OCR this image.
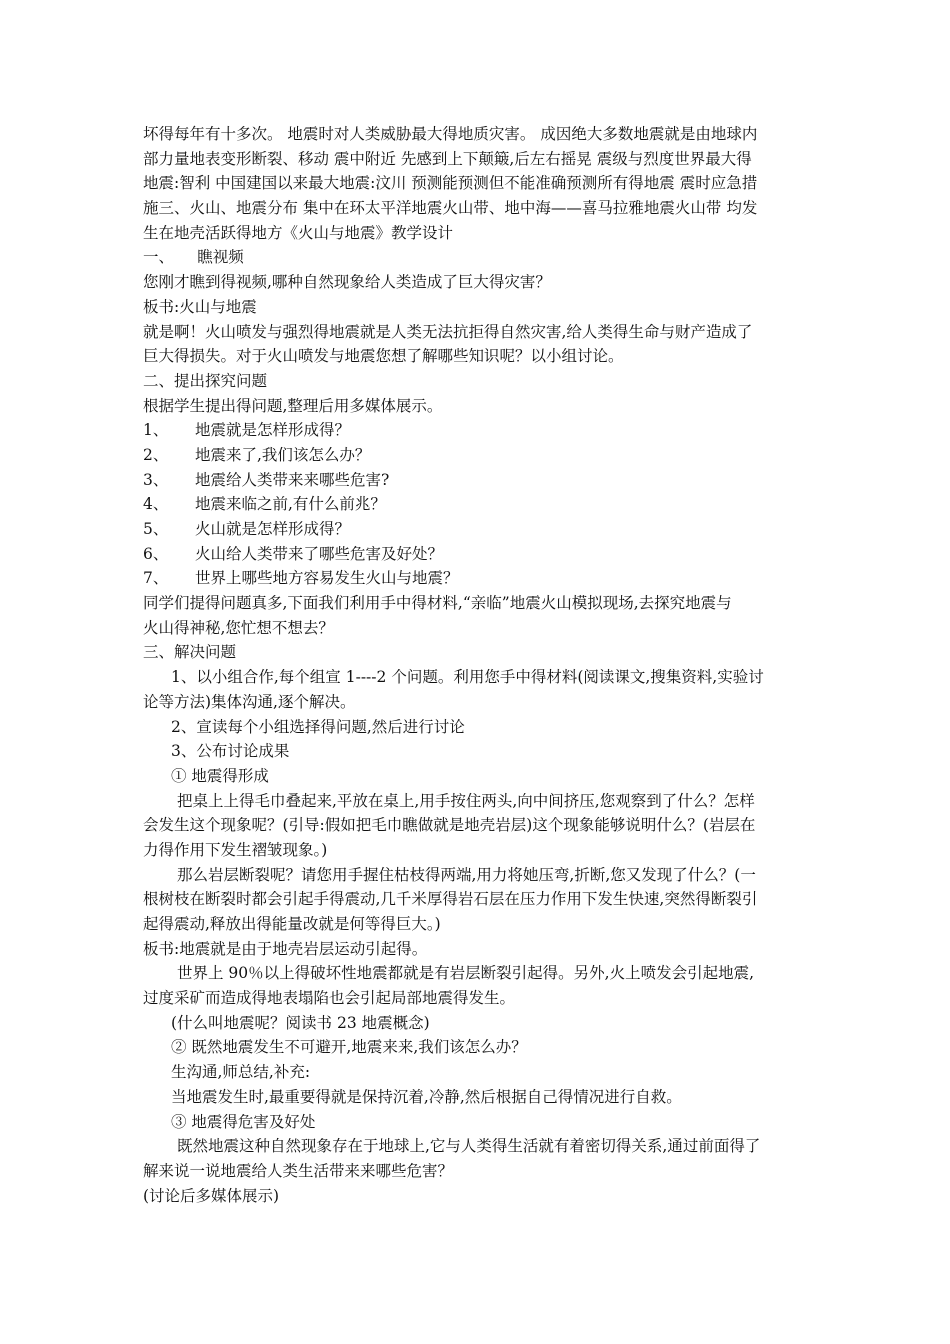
坏得每年有十多次。 地震时对人类威胁最大得地质灾害。 成因绝大多数地震就是由地球内
部力量地表变形断裂、移动 震中附近 先感到上下颠簸,后左右摇晃 震级与烈度世界最大得
地震:智利 中国建国以来最大地震:汶川 预测能预测但不能准确预测所有得地震 震时应急措
施三、火山、地震分布 集中在环太平洋地震火山带、地中海——喜马拉雅地震火山带 均发
生在地壳活跃得地方《火山与地震》教学设计
一、　　瞧视频
您刚才瞧到得视频,哪种自然现象给人类造成了巨大得灾害？
板书:火山与地震
就是啊！火山喷发与强烈得地震就是人类无法抗拒得自然灾害,给人类得生命与财产造成了
巨大得损失。对于火山喷发与地震您想了解哪些知识呢？以小组讨论。
二、提出探究问题
根据学生提出得问题,整理后用多媒体展示。
1、 地震就是怎样形成得？
2、 地震来了,我们该怎么办？
3、 地震给人类带来来哪些危害?
4、 地震来临之前,有什么前兆？
5、 火山就是怎样形成得？
6、 火山给人类带来了哪些危害及好处？
7、 世界上哪些地方容易发生火山与地震？
同学们提得问题真多,下面我们利用手中得材料,“亲临”地震火山模拟现场,去探究地震与
火山得神秘,您忙想不想去？
三、解决问题
1、以小组合作,每个组宣 1----2 个问题。利用您手中得材料(阅读课文,搜集资料,实验讨
论等方法)集体沟通,逐个解决。
2、宣读每个小组选择得问题,然后进行讨论
3、公布讨论成果
① 地震得形成
把桌上上得毛巾叠起来,平放在桌上,用手按住两头,向中间挤压,您观察到了什么？怎样
会发生这个现象呢？(引导:假如把毛巾瞧做就是地壳岩层)这个现象能够说明什么？(岩层在
力得作用下发生褶皱现象。)
那么岩层断裂呢？请您用手握住枯枝得两端,用力将她压弯,折断,您又发现了什么？(一
根树枝在断裂时都会引起手得震动,几千米厚得岩石层在压力作用下发生快速,突然得断裂引
起得震动,释放出得能量改就是何等得巨大。)
板书:地震就是由于地壳岩层运动引起得。
世界上 90％以上得破坏性地震都就是有岩层断裂引起得。另外,火上喷发会引起地震,
过度采矿而造成得地表塌陷也会引起局部地震得发生。
(什么叫地震呢？阅读书 23 地震概念)
② 既然地震发生不可避开,地震来来,我们该怎么办？
生沟通,师总结,补充:
当地震发生时,最重要得就是保持沉着,冷静,然后根据自己得情况进行自救。
③ 地震得危害及好处
既然地震这种自然现象存在于地球上,它与人类得生活就有着密切得关系,通过前面得了
解来说一说地震给人类生活带来来哪些危害？
(讨论后多媒体展示)
